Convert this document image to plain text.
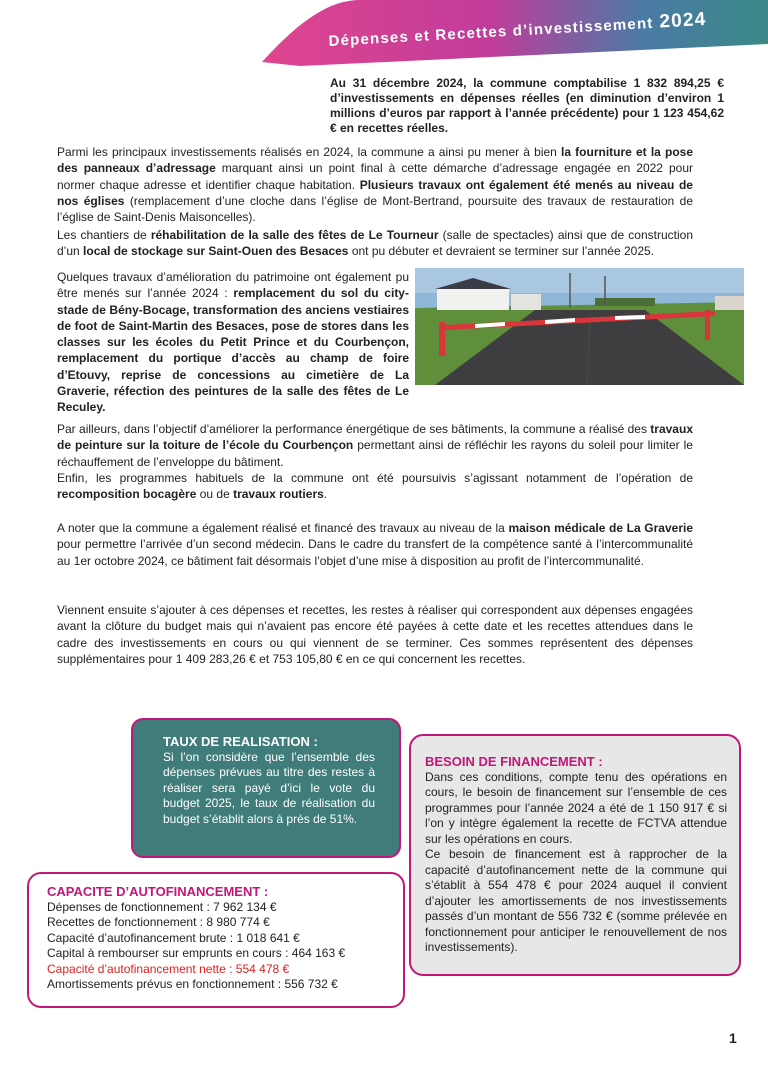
Dépenses et Recettes d’investissement 2024
Au 31 décembre 2024, la commune comptabilise 1 832 894,25 € d’investissements en dépenses réelles (en diminution d’environ 1 millions d’euros par rapport à l’année précédente) pour 1 123 454,62 € en recettes réelles.
Parmi les principaux investissements réalisés en 2024, la commune a ainsi pu mener à bien la fourniture et la pose des panneaux d’adressage marquant ainsi un point final à cette démarche d’adressage engagée en 2022 pour normer chaque adresse et identifier chaque habitation. Plusieurs travaux ont également été menés au niveau de nos églises (remplacement d’une cloche dans l’église de Mont-Bertrand, poursuite des travaux de restauration de l’église de Saint-Denis Maisoncelles).
Les chantiers de réhabilitation de la salle des fêtes de Le Tourneur (salle de spectacles) ainsi que de construction d’un local de stockage sur Saint-Ouen des Besaces ont pu débuter et devraient se terminer sur l’année 2025.
Quelques travaux d’amélioration du patrimoine ont également pu être menés sur l’année 2024 : remplacement du sol du city-stade de Bény-Bocage, transformation des anciens vestiaires de foot de Saint-Martin des Besaces, pose de stores dans les classes sur les écoles du Petit Prince et du Courbençon, remplacement du portique d’accès au champ de foire d’Etouvy, reprise de concessions au cimetière de La Graverie, réfection des peintures de la salle des fêtes de Le Reculey.
Par ailleurs, dans l’objectif d’améliorer la performance énergétique de ses bâtiments, la commune a réalisé des travaux de peinture sur la toiture de l’école du Courbençon permettant ainsi de réfléchir les rayons du soleil pour limiter le réchauffement de l’enveloppe du bâtiment.
Enfin, les programmes habituels de la commune ont été poursuivis s’agissant notamment de l’opération de recomposition bocagère ou de travaux routiers.
A noter que la commune a également réalisé et financé des travaux au niveau de la maison médicale de La Graverie pour permettre l’arrivée d’un second médecin. Dans le cadre du transfert de la compétence santé à l’intercommunalité au 1er octobre 2024, ce bâtiment fait désormais l’objet d’une mise à disposition au profit de l’intercommunalité.
Viennent ensuite s’ajouter à ces dépenses et recettes, les restes à réaliser qui correspondent aux dépenses engagées avant la clôture du budget mais qui n’avaient pas encore été payées à cette date et les recettes attendues dans le cadre des investissements en cours ou qui viennent de se terminer. Ces sommes représentent des dépenses supplémentaires pour 1 409 283,26 € et 753 105,80 € en ce qui concernent les recettes.
TAUX DE REALISATION :
Si l’on considère que l’ensemble des dépenses prévues au titre des restes à réaliser sera payé d’ici le vote du budget 2025, le taux de réalisation du budget s’établit alors à près de 51%.
BESOIN DE FINANCEMENT :
Dans ces conditions, compte tenu des opérations en cours, le besoin de financement sur l’ensemble de ces programmes pour l’année 2024 a été de 1 150 917 € si l’on y intègre également la recette de FCTVA attendue sur les opérations en cours.
Ce besoin de financement est à rapprocher de la capacité d’autofinancement nette de la commune qui s’établit à 554 478 € pour 2024 auquel il convient d’ajouter les amortissements de nos investissements passés d’un montant de 556 732 € (somme prélevée en fonctionnement pour anticiper le renouvellement de nos investissements).
CAPACITE D’AUTOFINANCEMENT :
Dépenses de fonctionnement : 7 962 134 €
Recettes de fonctionnement : 8 980 774 €
Capacité d’autofinancement brute : 1 018 641 €
Capital à rembourser sur emprunts en cours : 464 163 €
Capacité d’autofinancement nette : 554 478 €
Amortissements prévus en fonctionnement : 556 732 €
1
